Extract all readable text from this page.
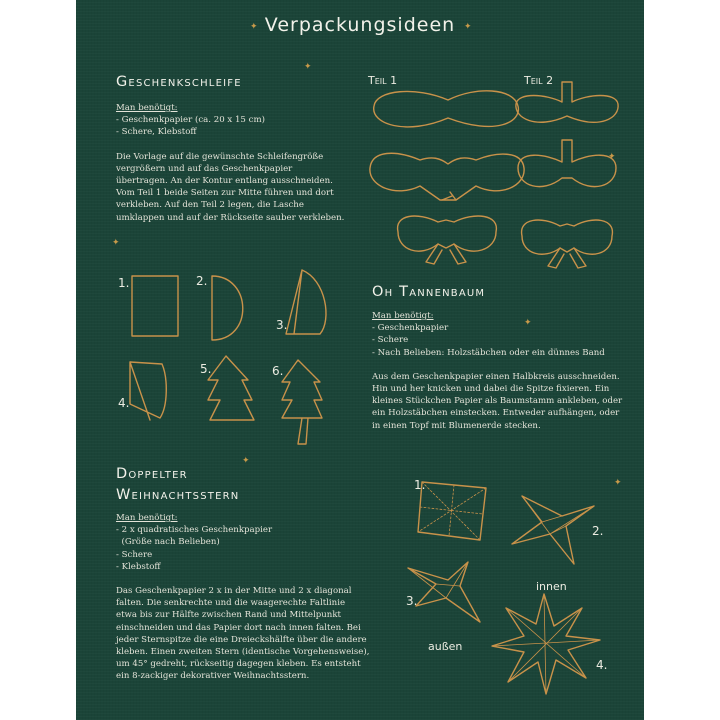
Verpackungsideen
✦	✦
✦
✦
✦
✦
✦
✦
Geschenkschleife
Man benötigt:
- Geschenkpapier (ca. 20 x 15 cm)
- Schere, Klebstoff
Die Vorlage auf die gewünschte Schleifengröße
vergrößern und auf das Geschenkpapier
übertragen. An der Kontur entlang ausschneiden.
Vom Teil 1 beide Seiten zur Mitte führen und dort
verkleben. Auf den Teil 2 legen, die Lasche
umklappen und auf der Rückseite sauber verkleben.
Teil 1	Teil 2
1.	2.
3.
4.
5.	6.
Oh Tannenbaum
Man benötigt:
- Geschenkpapier
- Schere
- Nach Belieben: Holzstäbchen oder ein dünnes Band
Aus dem Geschenkpapier einen Halbkreis ausschneiden.
Hin und her knicken und dabei die Spitze fixieren. Ein
kleines Stückchen Papier als Baumstamm ankleben, oder
ein Holzstäbchen einstecken. Entweder aufhängen, oder
in einen Topf mit Blumenerde stecken.
Doppelter
Weihnachtsstern
Man benötigt:
- 2 x quadratisches Geschenkpapier
(Größe nach Belieben)
- Schere
- Klebstoff
Das Geschenkpapier 2 x in der Mitte und 2 x diagonal
falten. Die senkrechte und die waagerechte Faltlinie
etwa bis zur Hälfte zwischen Rand und Mittelpunkt
einschneiden und das Papier dort nach innen falten. Bei
jeder Sternspitze die eine Dreieckshälfte über die andere
kleben. Einen zweiten Stern (identische Vorgehensweise),
um 45° gedreht, rückseitig dagegen kleben. Es entsteht
ein 8-zackiger dekorativer Weihnachtsstern.
1.
2.
3.
4.
innen
außen
